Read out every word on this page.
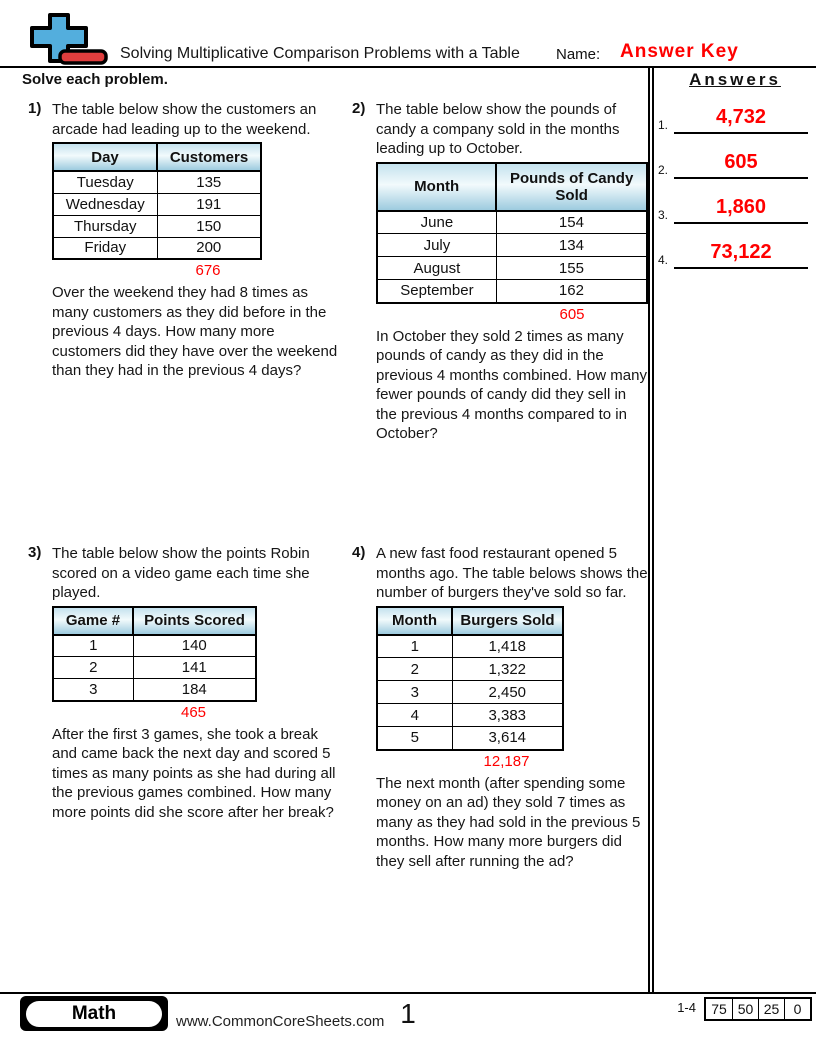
Solving Multiplicative Comparison Problems with a Table Name: Answer Key
Solve each problem.	Answers
1.	4,732
2.	605
3.	1,860
4.	73,122
1) The table below show the customers an arcade had leading up to the weekend.
Day	Customers
Tuesday	135
Wednesday	191
Thursday	150
Friday	200
676
Over the weekend they had 8 times as many customers as they did before in the previous 4 days. How many more customers did they have over the weekend than they had in the previous 4 days?
2) The table below show the pounds of candy a company sold in the months leading up to October.
Month	Pounds of Candy Sold
June	154
July	134
August	155
September	162
605
In October they sold 2 times as many pounds of candy as they did in the previous 4 months combined. How many fewer pounds of candy did they sell in the previous 4 months compared to in October?
3) The table below show the points Robin scored on a video game each time she played.
Game #	Points Scored
1	140
2	141
3	184
465
After the first 3 games, she took a break and came back the next day and scored 5 times as many points as she had during all the previous games combined. How many more points did she score after her break?
4) A new fast food restaurant opened 5 months ago. The table belows shows the number of burgers they've sold so far.
Month	Burgers Sold
1	1,418
2	1,322
3	2,450
4	3,383
5	3,614
12,187
The next month (after spending some money on an ad) they sold 7 times as many as they had sold in the previous 5 months. How many more burgers did they sell after running the ad?
Math	www.CommonCoreSheets.com 1	1-4	75 50 25	0
